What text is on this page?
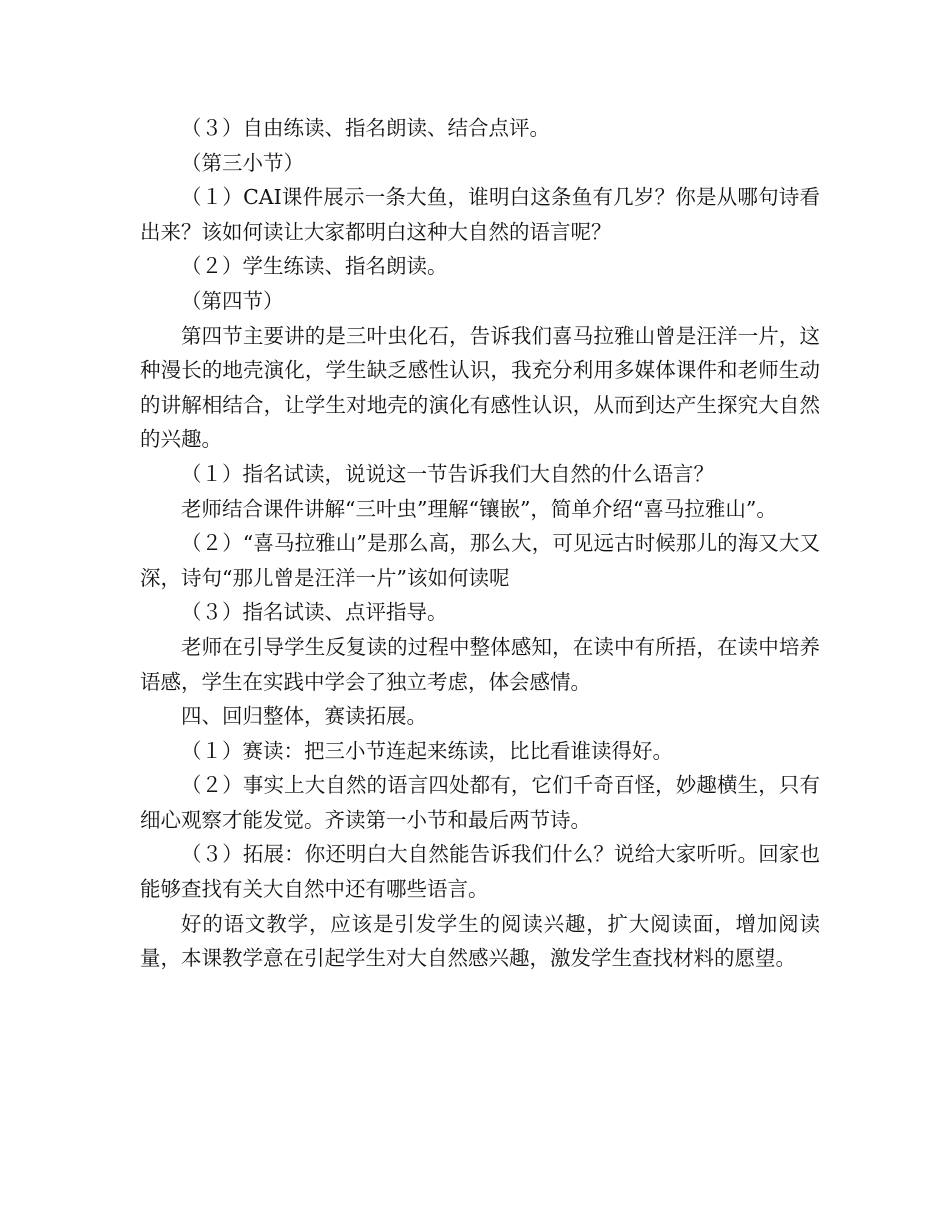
（３）自由练读、指名朗读、结合点评。

（第三小节）

（１）CAI课件展示一条大鱼，谁明白这条鱼有几岁？你是从哪句诗看出来？该如何读让大家都明白这种大自然的语言呢？

（２）学生练读、指名朗读。

（第四节）

第四节主要讲的是三叶虫化石，告诉我们喜马拉雅山曾是汪洋一片，这种漫长的地壳演化，学生缺乏感性认识，我充分利用多媒体课件和老师生动的讲解相结合，让学生对地壳的演化有感性认识，从而到达产生探究大自然的兴趣。

（１）指名试读，说说这一节告诉我们大自然的什么语言？

老师结合课件讲解“三叶虫”理解“镶嵌”，简单介绍“喜马拉雅山”。

（２）“喜马拉雅山”是那么高，那么大，可见远古时候那儿的海又大又深，诗句“那儿曾是汪洋一片”该如何读呢

（３）指名试读、点评指导。

老师在引导学生反复读的过程中整体感知，在读中有所捂，在读中培养语感，学生在实践中学会了独立考虑，体会感情。

四、回归整体，赛读拓展。

（１）赛读：把三小节连起来练读，比比看谁读得好。

（２）事实上大自然的语言四处都有，它们千奇百怪，妙趣横生，只有细心观察才能发觉。齐读第一小节和最后两节诗。

（３）拓展：你还明白大自然能告诉我们什么？说给大家听听。回家也能够查找有关大自然中还有哪些语言。

好的语文教学，应该是引发学生的阅读兴趣，扩大阅读面，增加阅读量，本课教学意在引起学生对大自然感兴趣，激发学生查找材料的愿望。
